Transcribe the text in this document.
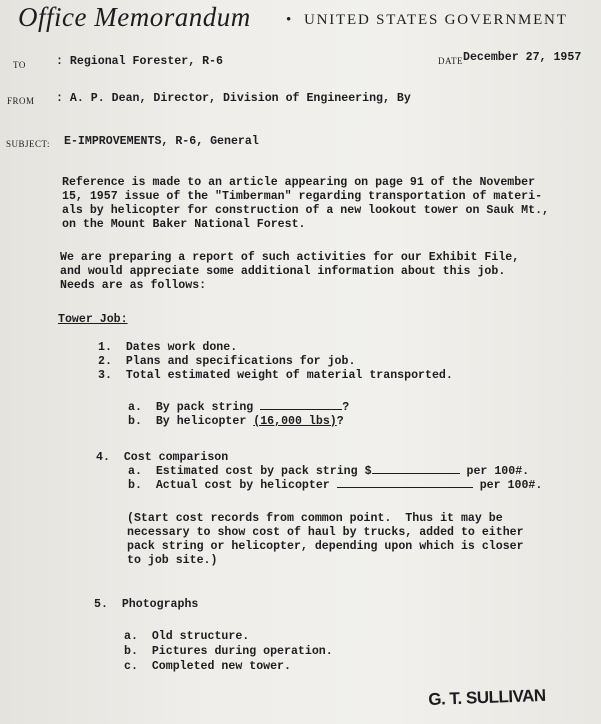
Office Memorandum • UNITED STATES GOVERNMENT
TO	: Regional Forester, R-6	DATE December 27, 1957
FROM : A. P. Dean, Director, Division of Engineering, By
SUBJECT: E-IMPROVEMENTS, R-6, General
Reference is made to an article appearing on page 91 of the November
15, 1957 issue of the "Timberman" regarding transportation of materi-
als by helicopter for construction of a new lookout tower on Sauk Mt.,
on the Mount Baker National Forest.
We are preparing a report of such activities for our Exhibit File,
and would appreciate some additional information about this job.
Needs are as follows:
Tower Job:
1.  Dates work done.
2.  Plans and specifications for job.
3.  Total estimated weight of material transported.
a.  By pack string	?
b.  By helicopter (16,000 lbs)?
4.  Cost comparison
a.  Estimated cost by pack string $	per 100#.
b.  Actual cost by helicopter	per 100#.
(Start cost records from common point.  Thus it may be
necessary to show cost of haul by trucks, added to either
pack string or helicopter, depending upon which is closer
to job site.)
5.  Photographs
a.  Old structure.
b.  Pictures during operation.
c.  Completed new tower.
G. T. SULLIVAN
